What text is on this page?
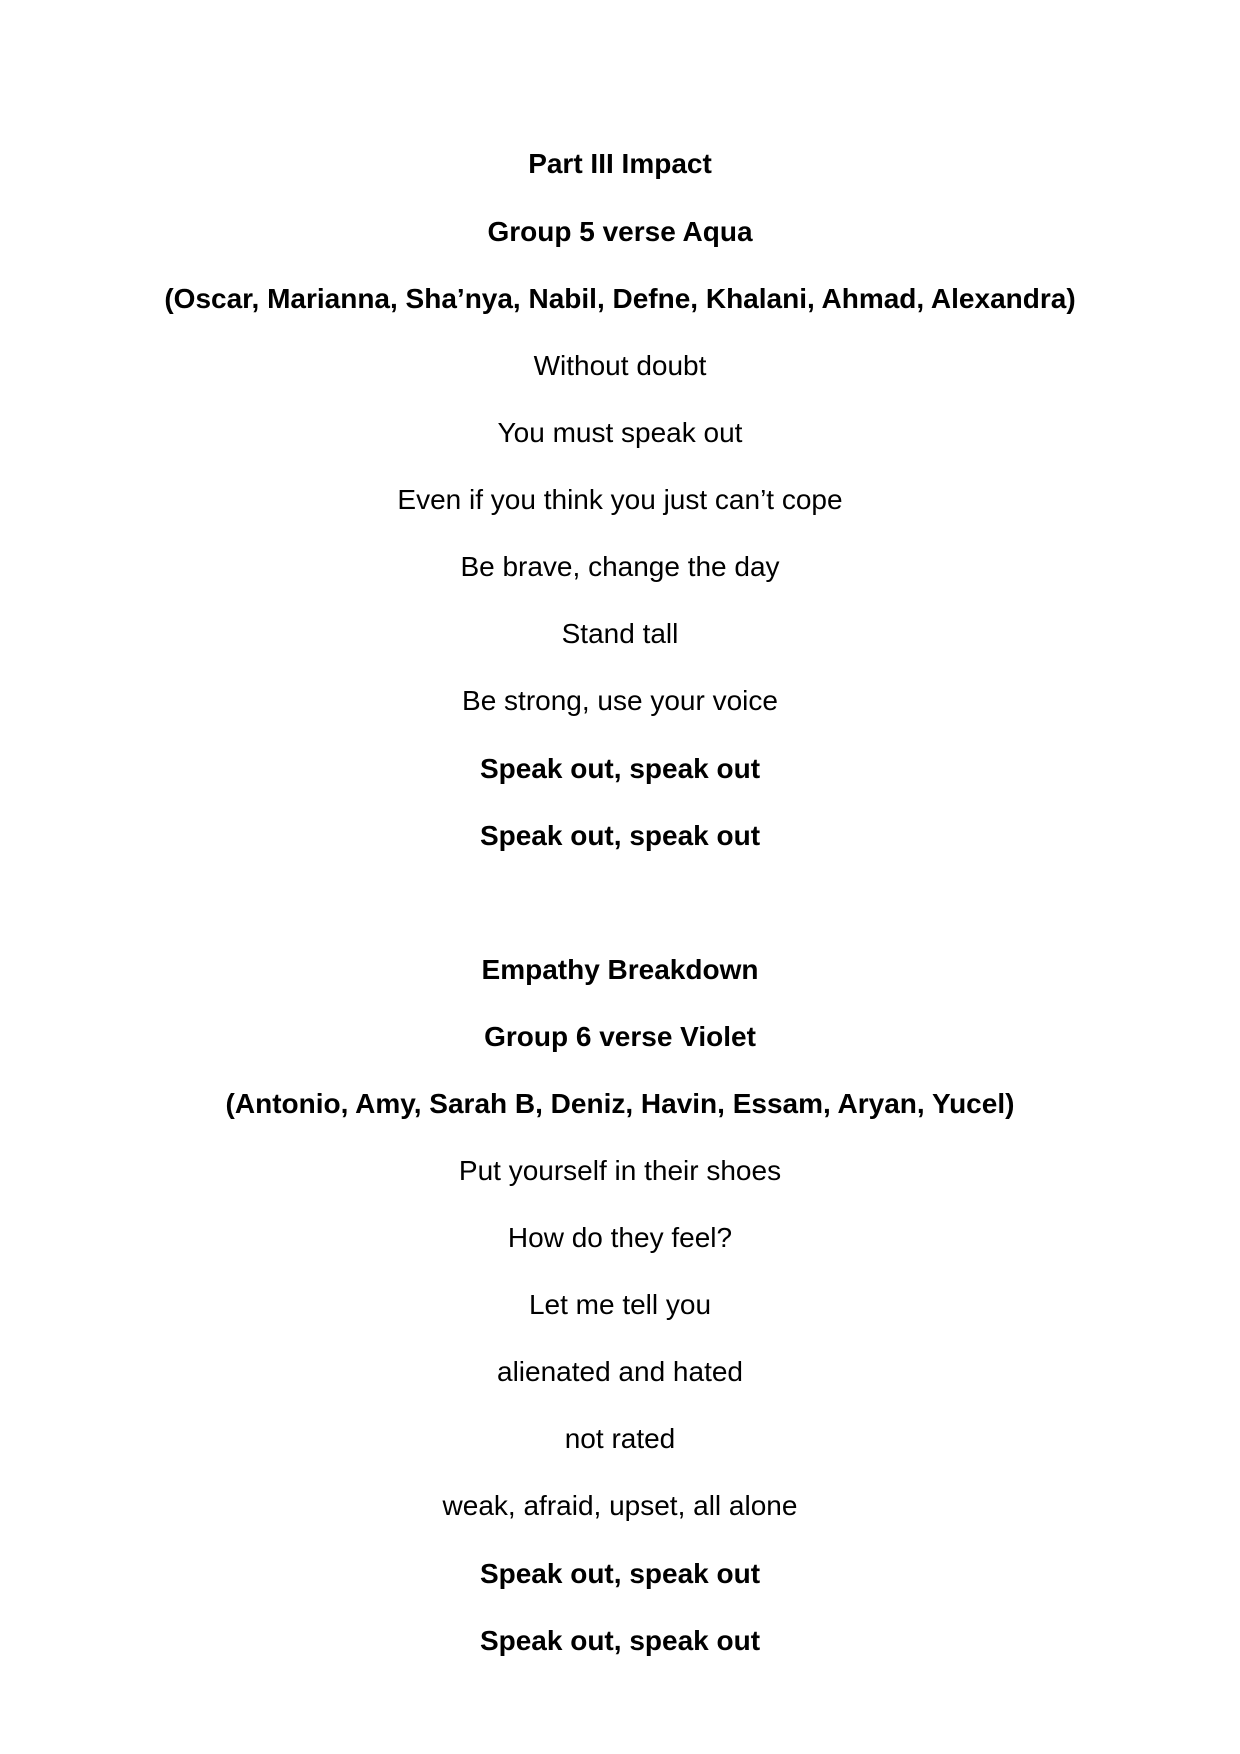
Part III Impact
Group 5 verse Aqua
(Oscar, Marianna, Sha’nya, Nabil, Defne, Khalani, Ahmad, Alexandra)
Without doubt
You must speak out
Even if you think you just can’t cope
Be brave, change the day
Stand tall
Be strong, use your voice
Speak out, speak out
Speak out, speak out
Empathy Breakdown
Group 6 verse Violet
(Antonio, Amy, Sarah B, Deniz, Havin, Essam, Aryan, Yucel)
Put yourself in their shoes
How do they feel?
Let me tell you
alienated and hated
not rated
weak, afraid, upset, all alone
Speak out, speak out
Speak out, speak out
